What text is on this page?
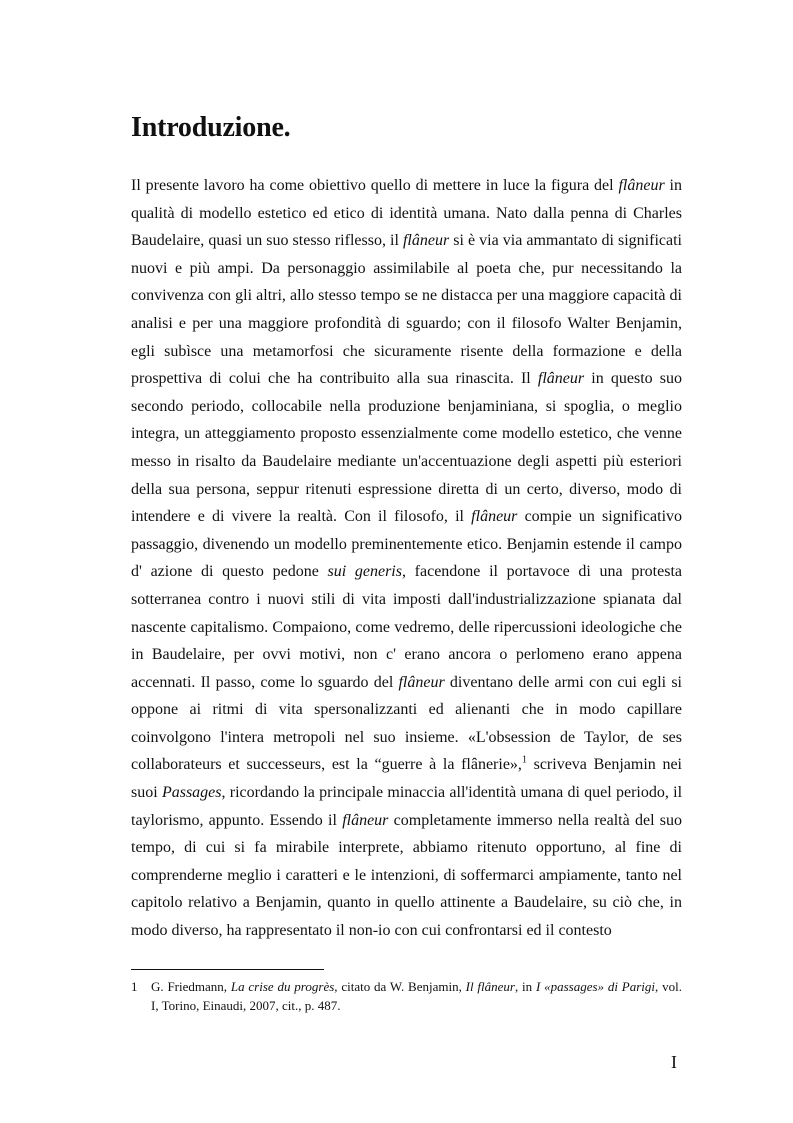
Introduzione.

Il presente lavoro ha come obiettivo quello di mettere in luce la figura del flâneur in qualità di modello estetico ed etico di identità umana. Nato dalla penna di Charles Baudelaire, quasi un suo stesso riflesso, il flâneur si è via via ammantato di significati nuovi e più ampi. Da personaggio assimilabile al poeta che, pur necessitando la convivenza con gli altri, allo stesso tempo se ne distacca per una maggiore capacità di analisi e per una maggiore profondità di sguardo; con il filosofo Walter Benjamin, egli subìsce una metamorfosi che sicuramente risente della formazione e della prospettiva di colui che ha contribuito alla sua rinascita. Il flâneur in questo suo secondo periodo, collocabile nella produzione benjaminiana, si spoglia, o meglio integra, un atteggiamento proposto essenzialmente come modello estetico, che venne messo in risalto da Baudelaire mediante un'accentuazione degli aspetti più esteriori della sua persona, seppur ritenuti espressione diretta di un certo, diverso, modo di intendere e di vivere la realtà. Con il filosofo, il flâneur compie un significativo passaggio, divenendo un modello preminentemente etico. Benjamin estende il campo d' azione di questo pedone sui generis, facendone il portavoce di una protesta sotterranea contro i nuovi stili di vita imposti dall'industrializzazione spianata dal nascente capitalismo. Compaiono, come vedremo, delle ripercussioni ideologiche che in Baudelaire, per ovvi motivi, non c' erano ancora o perlomeno erano appena accennati. Il passo, come lo sguardo del flâneur diventano delle armi con cui egli si oppone ai ritmi di vita spersonalizzanti ed alienanti che in modo capillare coinvolgono l'intera metropoli nel suo insieme. «L'obsession de Taylor, de ses collaborateurs et successeurs, est la “guerre à la flânerie»,$^1$ scriveva Benjamin nei suoi Passages, ricordando la principale minaccia all'identità umana di quel periodo, il taylorismo, appunto. Essendo il flâneur completamente immerso nella realtà del suo tempo, di cui si fa mirabile interprete, abbiamo ritenuto opportuno, al fine di comprenderne meglio i caratteri e le intenzioni, di soffermarci ampiamente, tanto nel capitolo relativo a Benjamin, quanto in quello attinente a Baudelaire, su ciò che, in modo diverso, ha rappresentato il non-io con cui confrontarsi ed il contesto

1 G. Friedmann, La crise du progrès, citato da W. Benjamin, Il flâneur, in I «passages» di Parigi, vol. I, Torino, Einaudi, 2007, cit., p. 487.
I
